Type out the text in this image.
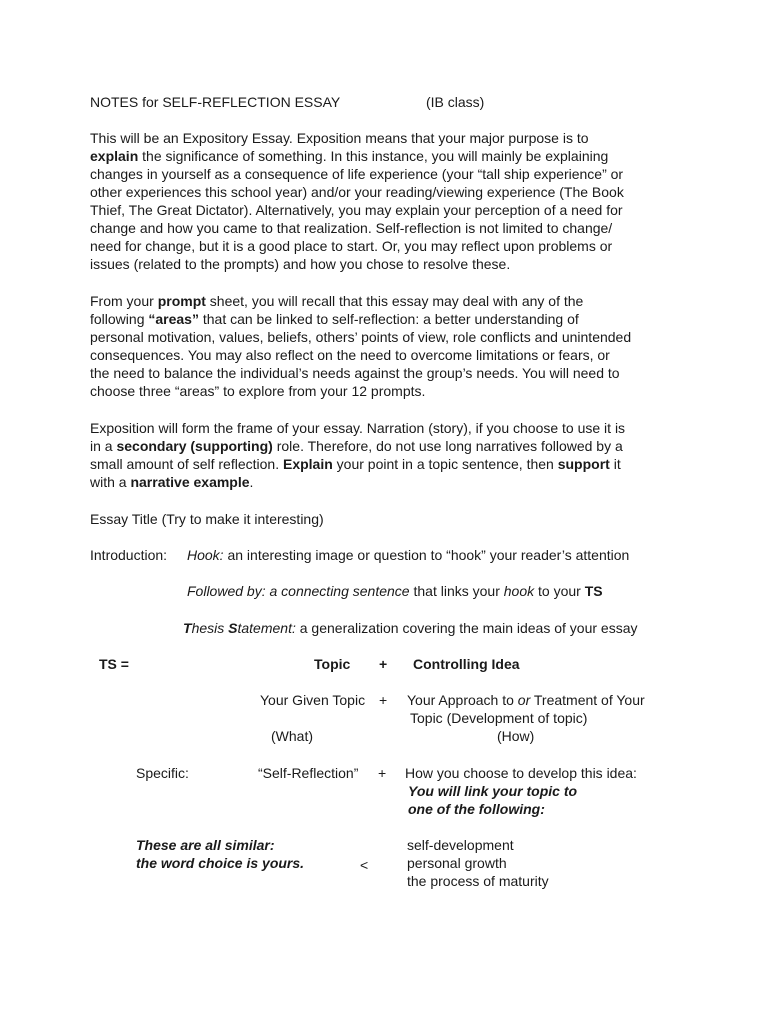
NOTES for SELF-REFLECTION ESSAY	(IB class)

This will be an Expository Essay. Exposition means that your major purpose is to

explain the significance of something. In this instance, you will mainly be explaining

changes in yourself as a consequence of life experience (your “tall ship experience” or

other experiences this school year) and/or your reading/viewing experience (The Book

Thief, The Great Dictator). Alternatively, you may explain your perception of a need for

change and how you came to that realization. Self-reflection is not limited to change/

need for change, but it is a good place to start. Or, you may reflect upon problems or

issues (related to the prompts) and how you chose to resolve these.

From your prompt sheet, you will recall that this essay may deal with any of the

following “areas” that can be linked to self-reflection: a better understanding of

personal motivation, values, beliefs, others’ points of view, role conflicts and unintended

consequences. You may also reflect on the need to overcome limitations or fears, or

the need to balance the individual’s needs against the group’s needs. You will need to

choose three “areas” to explore from your 12 prompts.

Exposition will form the frame of your essay. Narration (story), if you choose to use it is

in a secondary (supporting) role. Therefore, do not use long narratives followed by a

small amount of self reflection. Explain your point in a topic sentence, then support it

with a narrative example.

Essay Title (Try to make it interesting)
Introduction: Hook: an interesting image or question to “hook” your reader’s attention
Followed by: a connecting sentence that links your hook to your TS
Thesis Statement: a generalization covering the main ideas of your essay
TS =	Topic + Controlling Idea
Your Given Topic + Your Approach to or Treatment of Your
Topic (Development of topic)
(What)	(How)
Specific:	“Self-Reflection” + How you choose to develop this idea:
You will link your topic to
one of the following:
These are all similar:
the word choice is yours.	<
self-development
personal growth
the process of maturity
